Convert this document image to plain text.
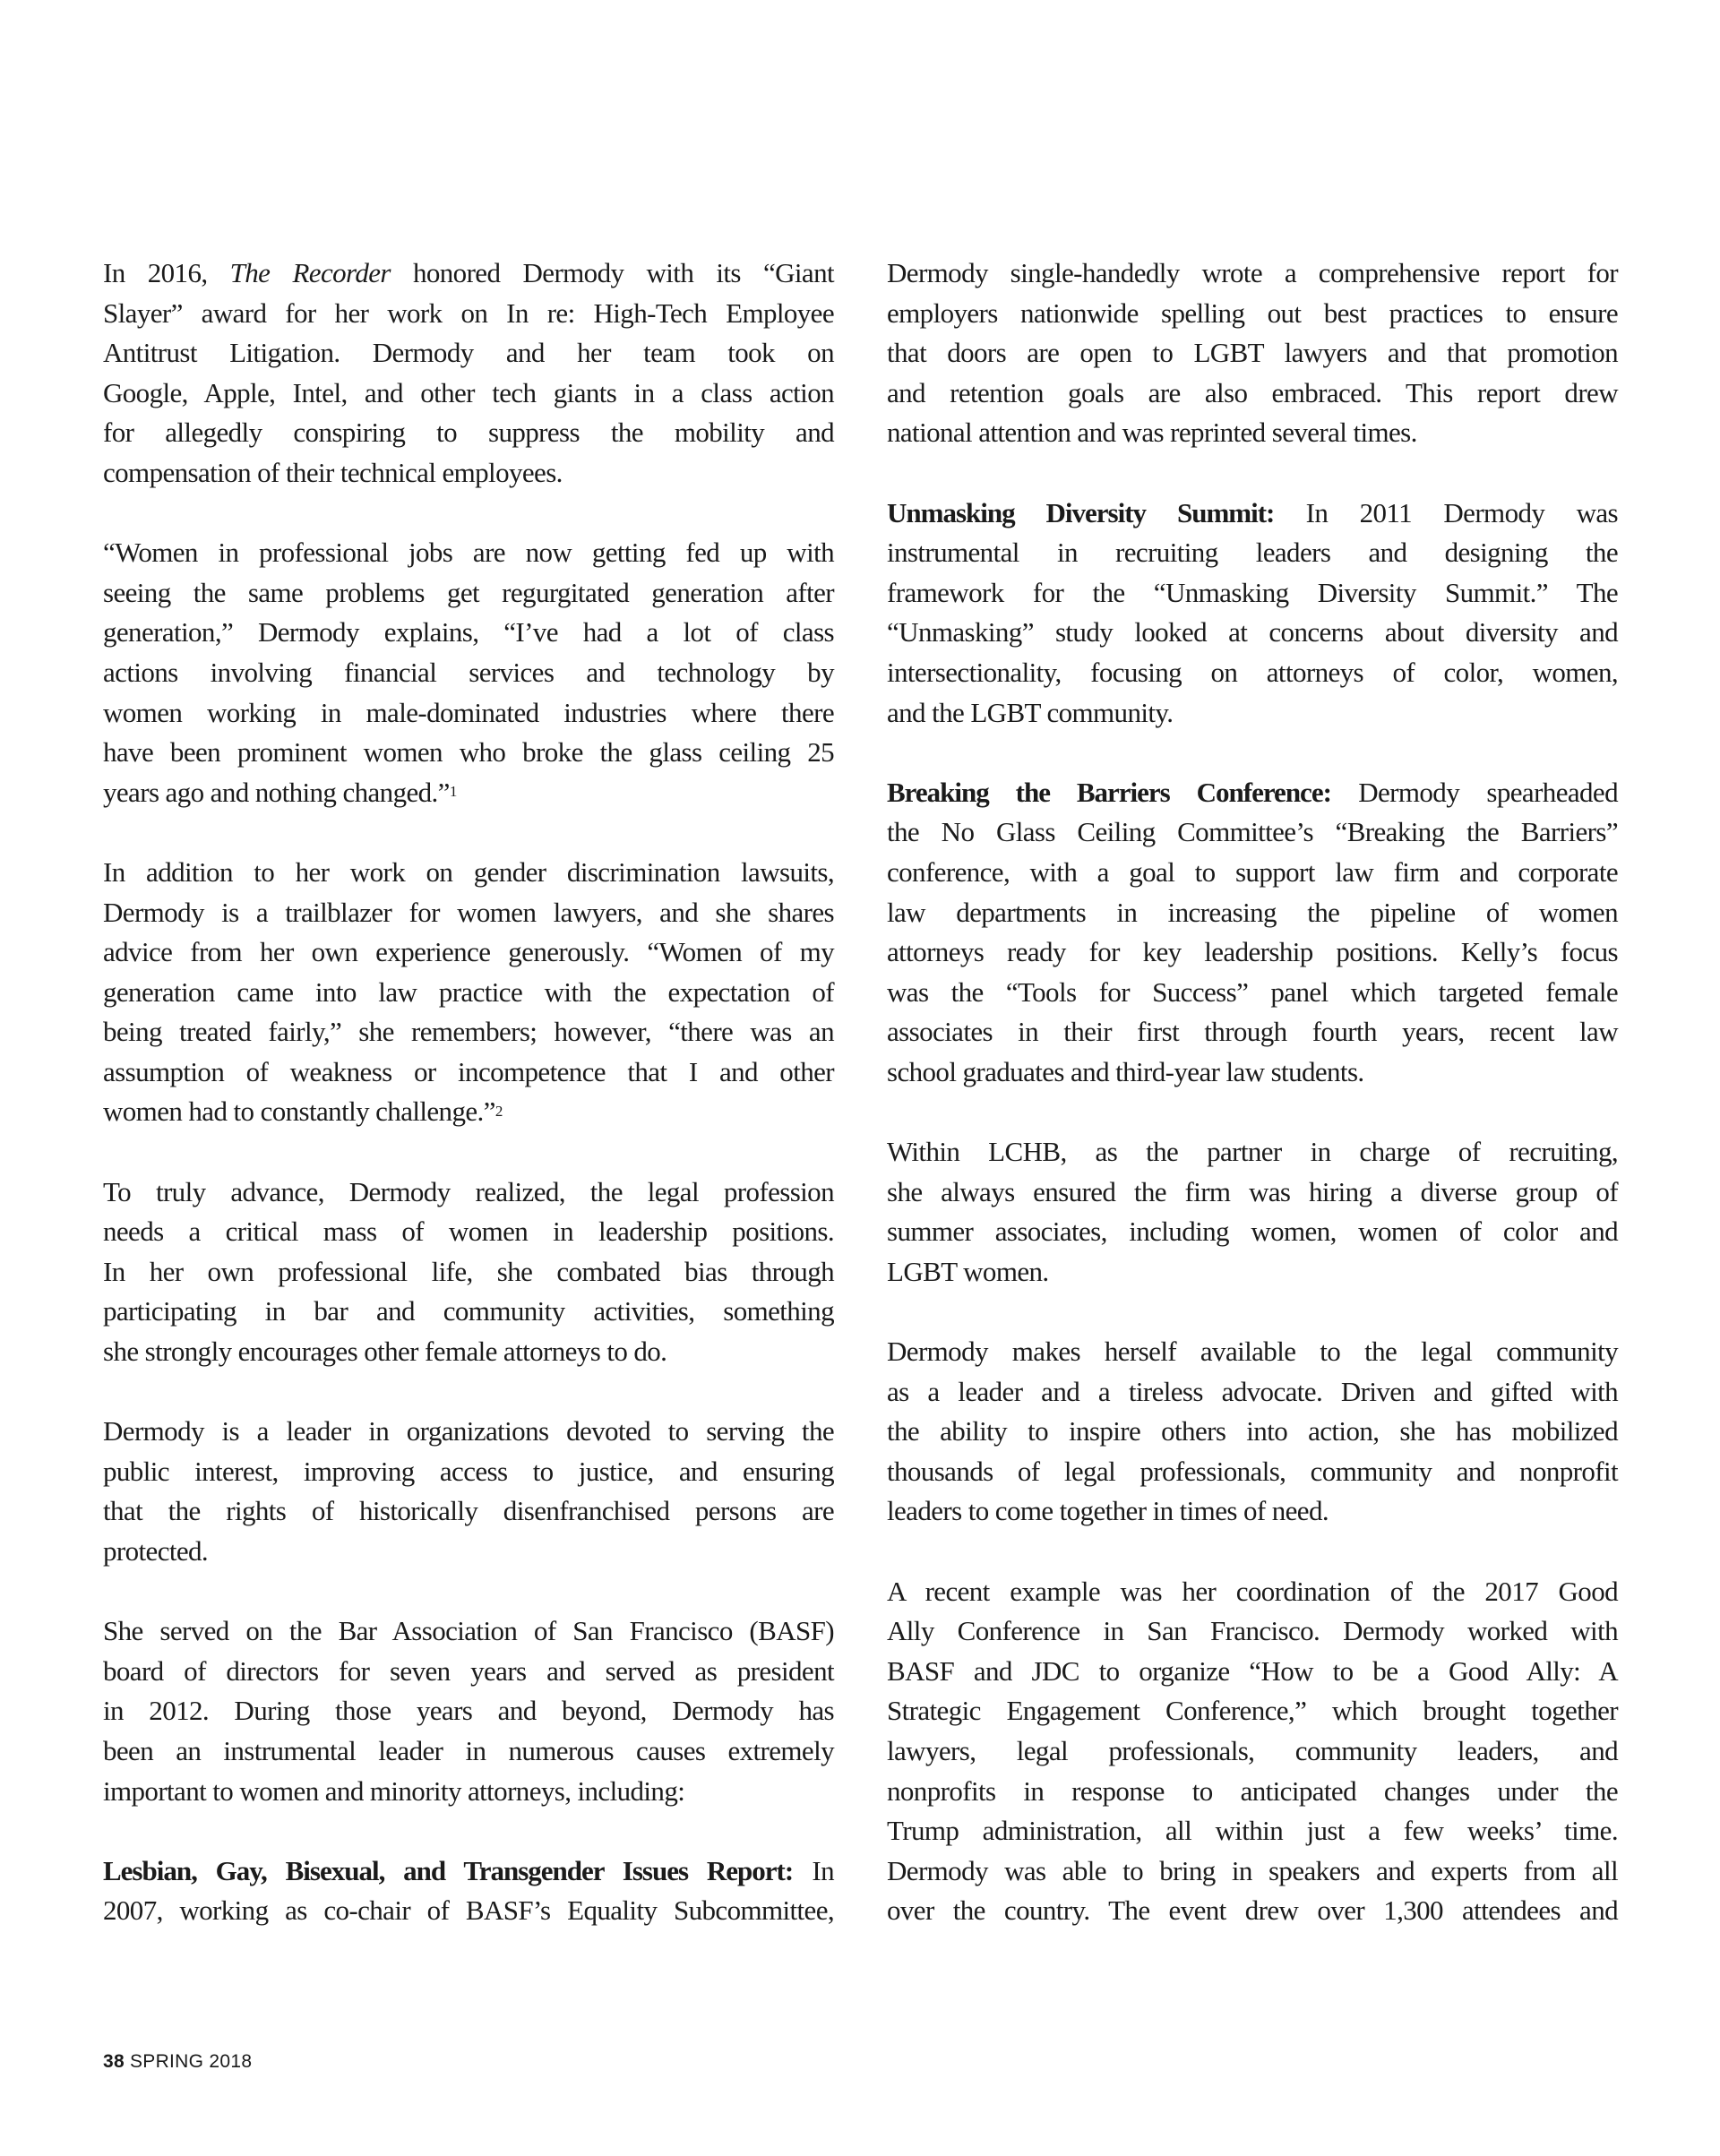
In 2016, The Recorder honored Dermody with its “Giant
Slayer” award for her work on In re: High-Tech Employee
Antitrust Litigation. Dermody and her team took on
Google, Apple, Intel, and other tech giants in a class action
for allegedly conspiring to suppress the mobility and
compensation of their technical employees.

“Women in professional jobs are now getting fed up with
seeing the same problems get regurgitated generation after
generation,” Dermody explains, “I’ve had a lot of class
actions involving financial services and technology by
women working in male-dominated industries where there
have been prominent women who broke the glass ceiling 25
years ago and nothing changed.”$^1$

In addition to her work on gender discrimination lawsuits,
Dermody is a trailblazer for women lawyers, and she shares
advice from her own experience generously. “Women of my
generation came into law practice with the expectation of
being treated fairly,” she remembers; however, “there was an
assumption of weakness or incompetence that I and other
women had to constantly challenge.”$^2$

To truly advance, Dermody realized, the legal profession
needs a critical mass of women in leadership positions.
In her own professional life, she combated bias through
participating in bar and community activities, something
she strongly encourages other female attorneys to do.

Dermody is a leader in organizations devoted to serving the
public interest, improving access to justice, and ensuring
that the rights of historically disenfranchised persons are
protected.

She served on the Bar Association of San Francisco (BASF)
board of directors for seven years and served as president
in 2012. During those years and beyond, Dermody has
been an instrumental leader in numerous causes extremely
important to women and minority attorneys, including:

Lesbian, Gay, Bisexual, and Transgender Issues Report: In
2007, working as co-chair of BASF’s Equality Subcommittee,

Dermody single-handedly wrote a comprehensive report for
employers nationwide spelling out best practices to ensure
that doors are open to LGBT lawyers and that promotion
and retention goals are also embraced. This report drew
national attention and was reprinted several times.

Unmasking Diversity Summit: In 2011 Dermody was
instrumental in recruiting leaders and designing the
framework for the “Unmasking Diversity Summit.” The
“Unmasking” study looked at concerns about diversity and
intersectionality, focusing on attorneys of color, women,
and the LGBT community.

Breaking the Barriers Conference: Dermody spearheaded
the No Glass Ceiling Committee’s “Breaking the Barriers”
conference, with a goal to support law firm and corporate
law departments in increasing the pipeline of women
attorneys ready for key leadership positions. Kelly’s focus
was the “Tools for Success” panel which targeted female
associates in their first through fourth years, recent law
school graduates and third-year law students.

Within LCHB, as the partner in charge of recruiting,
she always ensured the firm was hiring a diverse group of
summer associates, including women, women of color and
LGBT women.

Dermody makes herself available to the legal community
as a leader and a tireless advocate. Driven and gifted with
the ability to inspire others into action, she has mobilized
thousands of legal professionals, community and nonprofit
leaders to come together in times of need.

A recent example was her coordination of the 2017 Good
Ally Conference in San Francisco. Dermody worked with
BASF and JDC to organize “How to be a Good Ally: A
Strategic Engagement Conference,” which brought together
lawyers, legal professionals, community leaders, and
nonprofits in response to anticipated changes under the
Trump administration, all within just a few weeks’ time.
Dermody was able to bring in speakers and experts from all
over the country. The event drew over 1,300 attendees and

38 SPRING 2018
